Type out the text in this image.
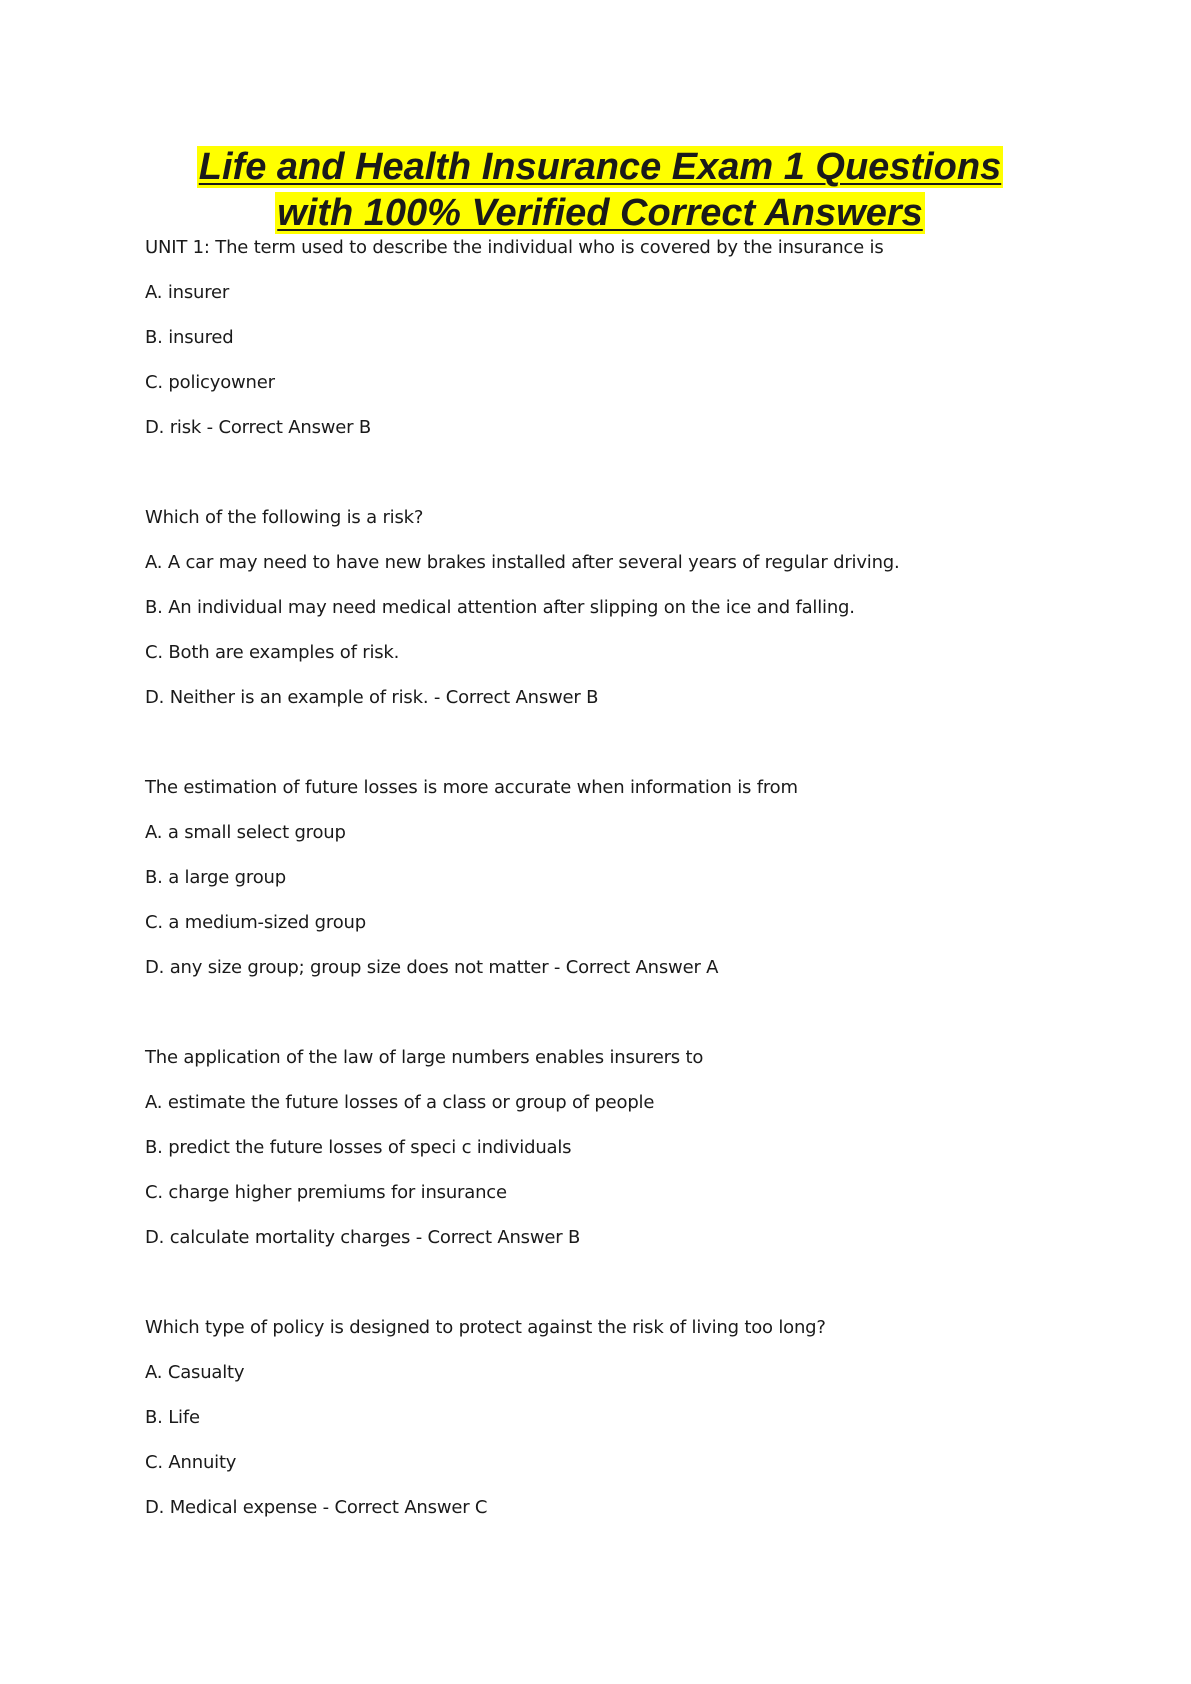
Life and Health Insurance Exam 1 Questions
with 100% Verified Correct Answers

UNIT 1: The term used to describe the individual who is covered by the insurance is

A. insurer

B. insured

C. policyowner

D. risk - Correct Answer B

Which of the following is a risk?

A. A car may need to have new brakes installed after several years of regular driving.

B. An individual may need medical attention after slipping on the ice and falling.

C. Both are examples of risk.

D. Neither is an example of risk. - Correct Answer B

The estimation of future losses is more accurate when information is from

A. a small select group

B. a large group

C. a medium-sized group

D. any size group; group size does not matter - Correct Answer A

The application of the law of large numbers enables insurers to

A. estimate the future losses of a class or group of people

B. predict the future losses of speci c individuals

C. charge higher premiums for insurance

D. calculate mortality charges - Correct Answer B

Which type of policy is designed to protect against the risk of living too long?

A. Casualty

B. Life

C. Annuity

D. Medical expense - Correct Answer C
